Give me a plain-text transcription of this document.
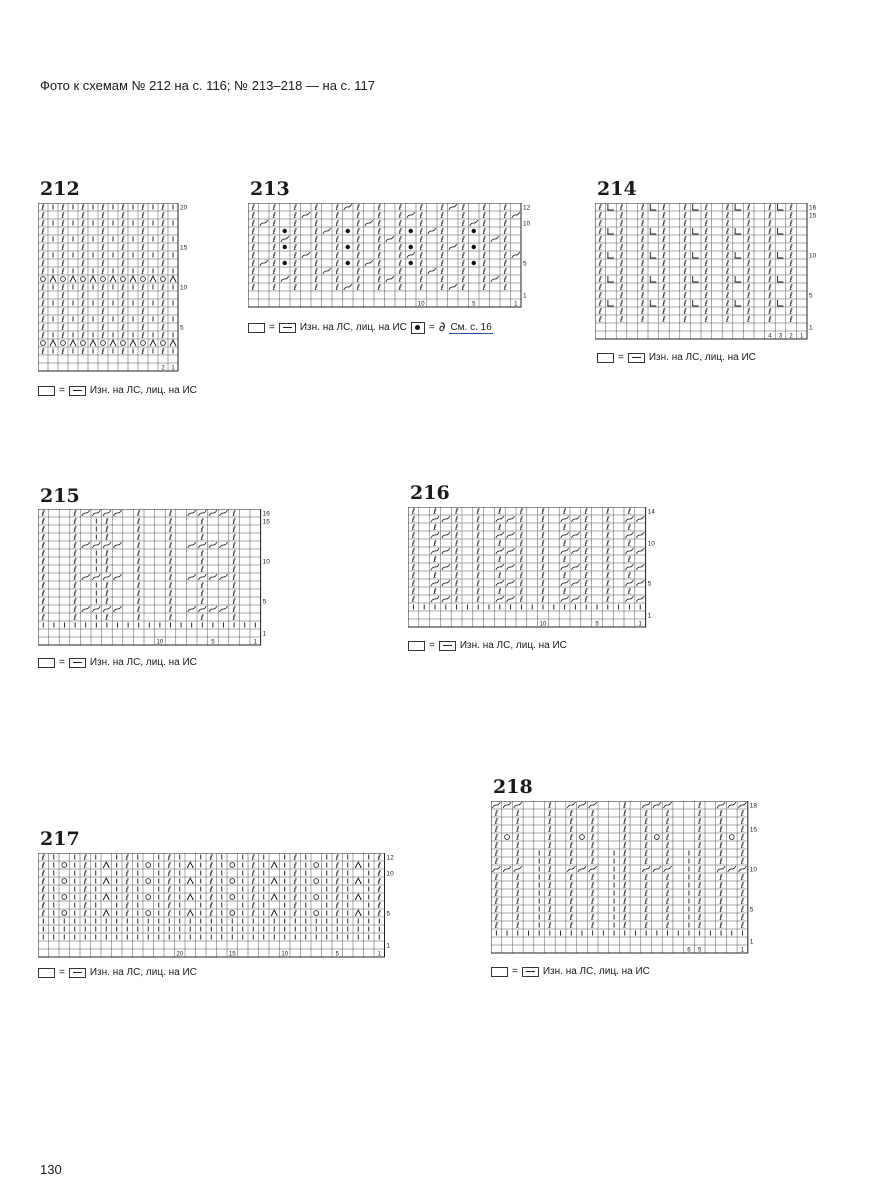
Фото к схемам № 212 на с. 116; № 213–218 — на с. 117
212
ℓ ℓ ℓ ℓ ℓ ℓ ℓ
ℓ ℓ ℓ ℓ ℓ ℓ ℓ
ℓ ℓ ℓ ℓ ℓ ℓ ℓ
ℓ ℓ ℓ ℓ ℓ ℓ ℓ
ℓ ℓ ℓ ℓ ℓ ℓ ℓ
ℓ ℓ ℓ ℓ ℓ ℓ ℓ
ℓ ℓ ℓ ℓ ℓ ℓ ℓ
ℓ ℓ ℓ ℓ ℓ ℓ ℓ
ℓ ℓ ℓ ℓ ℓ ℓ ℓ
ℓ ℓ ℓ ℓ ℓ ℓ ℓ
ℓ ℓ ℓ ℓ ℓ ℓ ℓ
ℓ ℓ ℓ ℓ ℓ ℓ ℓ
ℓ ℓ ℓ ℓ ℓ ℓ ℓ
ℓ ℓ ℓ ℓ ℓ ℓ ℓ
ℓ ℓ ℓ ℓ ℓ ℓ ℓ
ℓ ℓ ℓ ℓ ℓ ℓ ℓ
ℓ ℓ ℓ ℓ ℓ ℓ ℓ
20
15
10
5
2 1
=	Изн. на ЛС, лиц. на ИС
213
ℓ ℓ ℓ ℓ ℓ ℓ ℓ ℓ ℓ ℓ ℓ ℓ ℓ
ℓ ℓ ℓ ℓ ℓ ℓ ℓ ℓ ℓ ℓ ℓ ℓ ℓ
ℓ ℓ ℓ ℓ ℓ ℓ ℓ ℓ ℓ ℓ ℓ ℓ ℓ
ℓ ℓ ℓ ℓ ℓ ℓ ℓ ℓ ℓ ℓ ℓ ℓ ℓ
ℓ ℓ ℓ ℓ ℓ ℓ ℓ ℓ ℓ ℓ ℓ ℓ ℓ
ℓ ℓ ℓ ℓ ℓ ℓ ℓ ℓ ℓ ℓ ℓ ℓ ℓ
ℓ ℓ ℓ ℓ ℓ ℓ ℓ ℓ ℓ ℓ ℓ ℓ ℓ
ℓ ℓ ℓ ℓ ℓ ℓ ℓ ℓ ℓ ℓ ℓ ℓ ℓ
ℓ ℓ ℓ ℓ ℓ ℓ ℓ ℓ ℓ ℓ ℓ ℓ ℓ
ℓ ℓ ℓ ℓ ℓ ℓ ℓ ℓ ℓ ℓ ℓ ℓ ℓ
ℓ ℓ ℓ ℓ ℓ ℓ ℓ ℓ ℓ ℓ ℓ ℓ ℓ
12
10
5
1
10	5	1
=	Изн. на ЛС, лиц. на ИС = ∂ См. с. 16
214
ℓ ℓ ℓ ℓ ℓ ℓ ℓ ℓ ℓ ℓ
ℓ ℓ ℓ ℓ ℓ ℓ ℓ ℓ ℓ ℓ
ℓ ℓ ℓ ℓ ℓ ℓ ℓ ℓ ℓ ℓ
ℓ ℓ ℓ ℓ ℓ ℓ ℓ ℓ ℓ ℓ
ℓ ℓ ℓ ℓ ℓ ℓ ℓ ℓ ℓ ℓ
ℓ ℓ ℓ ℓ ℓ ℓ ℓ ℓ ℓ ℓ
ℓ ℓ ℓ ℓ ℓ ℓ ℓ ℓ ℓ ℓ
ℓ ℓ ℓ ℓ ℓ ℓ ℓ ℓ ℓ ℓ
ℓ ℓ ℓ ℓ ℓ ℓ ℓ ℓ ℓ ℓ
ℓ ℓ ℓ ℓ ℓ ℓ ℓ ℓ ℓ ℓ
ℓ ℓ ℓ ℓ ℓ ℓ ℓ ℓ ℓ ℓ
ℓ ℓ ℓ ℓ ℓ ℓ ℓ ℓ ℓ ℓ
ℓ ℓ ℓ ℓ ℓ ℓ ℓ ℓ ℓ ℓ
ℓ ℓ ℓ ℓ ℓ ℓ ℓ ℓ ℓ ℓ
ℓ ℓ ℓ ℓ ℓ ℓ ℓ ℓ ℓ ℓ
16
15
10
5
1
4 3 2 1
=	Изн. на ЛС, лиц. на ИС
215
ℓ	ℓ	ℓ	ℓ	ℓ
ℓ	ℓ	ℓ	ℓ	ℓ	ℓ	ℓ
ℓ	ℓ	ℓ	ℓ	ℓ	ℓ	ℓ
ℓ	ℓ	ℓ	ℓ	ℓ	ℓ	ℓ
ℓ	ℓ	ℓ	ℓ	ℓ
ℓ	ℓ	ℓ	ℓ	ℓ	ℓ	ℓ
ℓ	ℓ	ℓ	ℓ	ℓ	ℓ	ℓ
ℓ	ℓ	ℓ	ℓ	ℓ	ℓ	ℓ
ℓ	ℓ	ℓ	ℓ	ℓ
ℓ	ℓ	ℓ	ℓ	ℓ	ℓ	ℓ
ℓ	ℓ	ℓ	ℓ	ℓ	ℓ	ℓ
ℓ	ℓ	ℓ	ℓ	ℓ	ℓ	ℓ
ℓ	ℓ	ℓ	ℓ	ℓ
ℓ	ℓ	ℓ	ℓ	ℓ	ℓ	ℓ
16
15
10
5
1
10	5	1
=	Изн. на ЛС, лиц. на ИС
216
ℓ ℓ ℓ ℓ ℓ ℓ ℓ ℓ ℓ ℓ ℓ
ℓ	ℓ ℓ	ℓ ℓ	ℓ ℓ
ℓ ℓ ℓ ℓ ℓ ℓ ℓ ℓ ℓ ℓ ℓ
ℓ	ℓ ℓ	ℓ ℓ	ℓ ℓ
ℓ ℓ ℓ ℓ ℓ ℓ ℓ ℓ ℓ ℓ ℓ
ℓ	ℓ ℓ	ℓ ℓ	ℓ ℓ
ℓ ℓ ℓ ℓ ℓ ℓ ℓ ℓ ℓ ℓ ℓ
ℓ	ℓ ℓ	ℓ ℓ	ℓ ℓ
ℓ ℓ ℓ ℓ ℓ ℓ ℓ ℓ ℓ ℓ ℓ
ℓ	ℓ ℓ	ℓ ℓ	ℓ ℓ
ℓ ℓ ℓ ℓ ℓ ℓ ℓ ℓ ℓ ℓ ℓ
ℓ	ℓ ℓ	ℓ ℓ	ℓ ℓ
14
10
5
1
10	5	1
=	Изн. на ЛС, лиц. на ИС
217
ℓ	ℓ	ℓ	ℓ	ℓ	ℓ	ℓ	ℓ	ℓ
ℓ	ℓ	ℓ	ℓ	ℓ	ℓ	ℓ	ℓ	ℓ
ℓ	ℓ	ℓ	ℓ	ℓ	ℓ	ℓ	ℓ	ℓ
ℓ	ℓ	ℓ	ℓ	ℓ	ℓ	ℓ	ℓ	ℓ
ℓ	ℓ	ℓ	ℓ	ℓ	ℓ	ℓ	ℓ	ℓ
ℓ	ℓ	ℓ	ℓ	ℓ	ℓ	ℓ	ℓ	ℓ
ℓ	ℓ	ℓ	ℓ	ℓ	ℓ	ℓ	ℓ	ℓ
ℓ	ℓ	ℓ	ℓ	ℓ	ℓ	ℓ	ℓ	ℓ
12
10
5
1
20	15	10	5	1
=	Изн. на ЛС, лиц. на ИС
218
ℓ	ℓ	ℓ
ℓ ℓ	ℓ ℓ ℓ	ℓ ℓ ℓ	ℓ ℓ ℓ
ℓ ℓ	ℓ ℓ ℓ	ℓ ℓ ℓ	ℓ ℓ ℓ
ℓ ℓ	ℓ ℓ ℓ	ℓ ℓ ℓ	ℓ ℓ ℓ
ℓ ℓ	ℓ ℓ ℓ	ℓ ℓ ℓ	ℓ ℓ ℓ
ℓ ℓ	ℓ ℓ ℓ	ℓ ℓ ℓ	ℓ ℓ ℓ
ℓ ℓ	ℓ ℓ ℓ	ℓ ℓ ℓ	ℓ ℓ ℓ
ℓ ℓ	ℓ ℓ ℓ	ℓ ℓ ℓ	ℓ ℓ ℓ
ℓ	ℓ	ℓ
ℓ ℓ	ℓ ℓ ℓ	ℓ ℓ ℓ	ℓ ℓ ℓ
ℓ ℓ	ℓ ℓ ℓ	ℓ ℓ ℓ	ℓ ℓ ℓ
ℓ ℓ	ℓ ℓ ℓ	ℓ ℓ ℓ	ℓ ℓ ℓ
ℓ ℓ	ℓ ℓ ℓ	ℓ ℓ ℓ	ℓ ℓ ℓ
ℓ ℓ	ℓ ℓ ℓ	ℓ ℓ ℓ	ℓ ℓ ℓ
ℓ ℓ	ℓ ℓ ℓ	ℓ ℓ ℓ	ℓ ℓ ℓ
ℓ ℓ	ℓ ℓ ℓ	ℓ ℓ ℓ	ℓ ℓ ℓ
18
15
10
5
1
6 5	1
=	Изн. на ЛС, лиц. на ИС
130
